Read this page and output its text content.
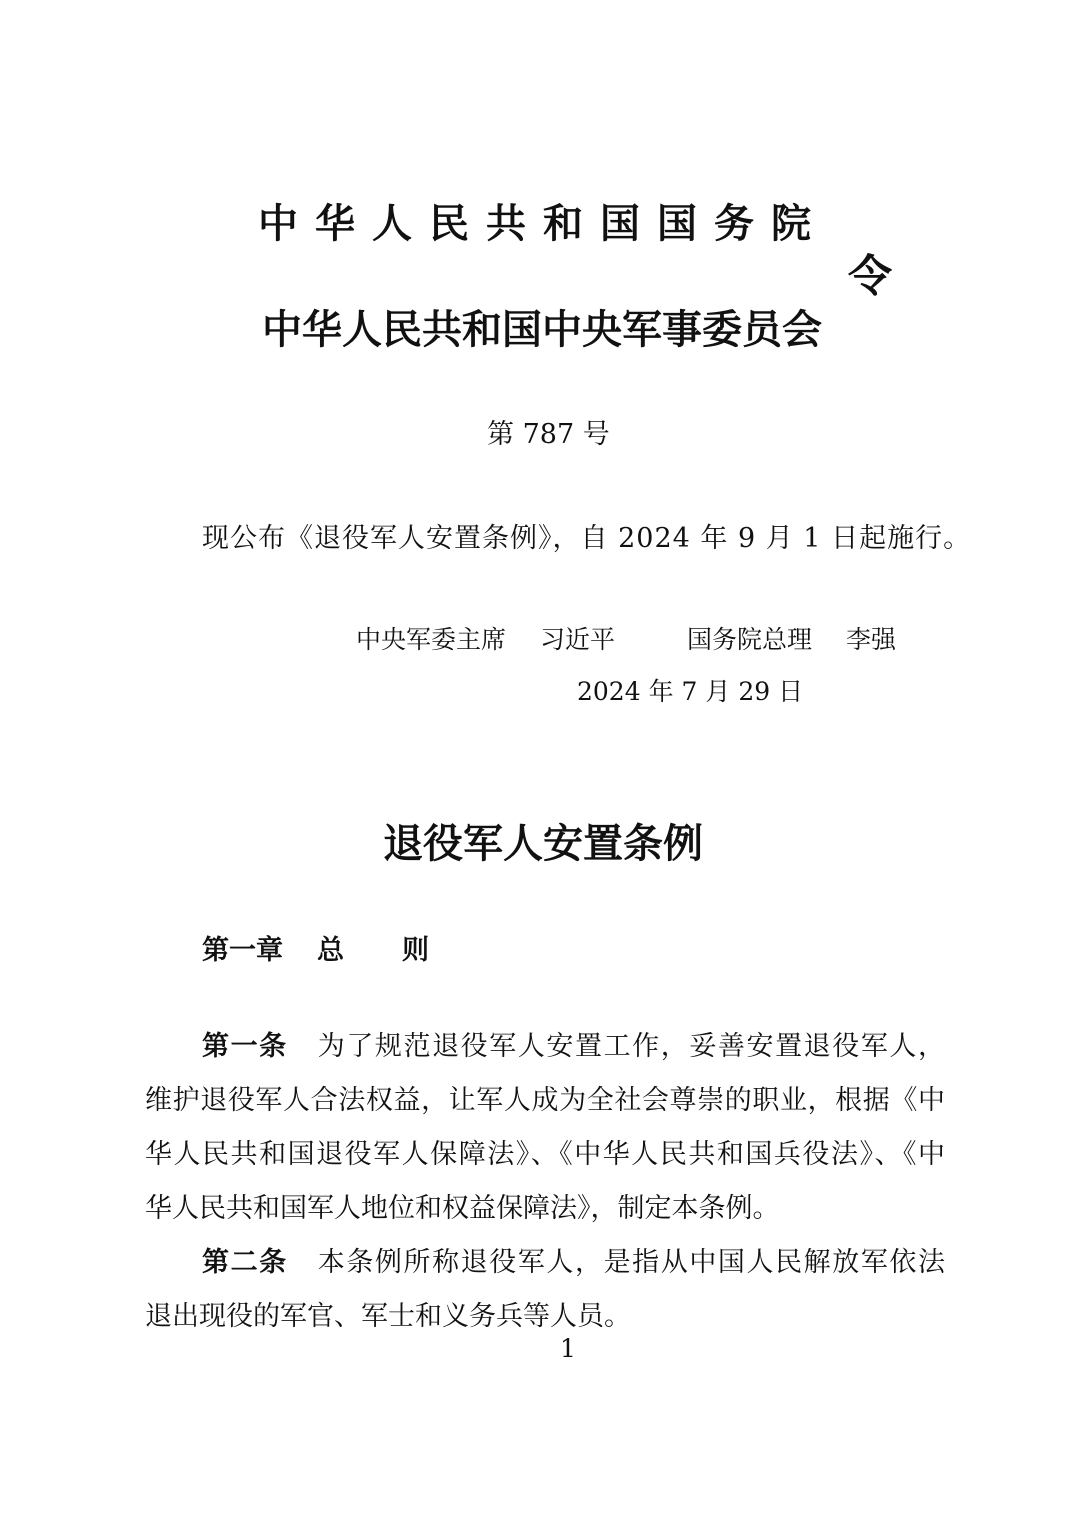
中华人民共和国国务院
中华人民共和国中央军事委员会
令
第 787 号
现公布《退役军人安置条例》，自 2024 年 9 月 1 日起施行。
中央军委主席 习近平	国务院总理 李强
2024 年 7 月 29 日
退役军人安置条例
第一章 总 则
第一条 为了规范退役军人安置工作，妥善安置退役军人，
维护退役军人合法权益，让军人成为全社会尊崇的职业，根据《中
华人民共和国退役军人保障法》、《中华人民共和国兵役法》、《中
华人民共和国军人地位和权益保障法》，制定本条例。
第二条 本条例所称退役军人，是指从中国人民解放军依法
退出现役的军官、军士和义务兵等人员。
1
